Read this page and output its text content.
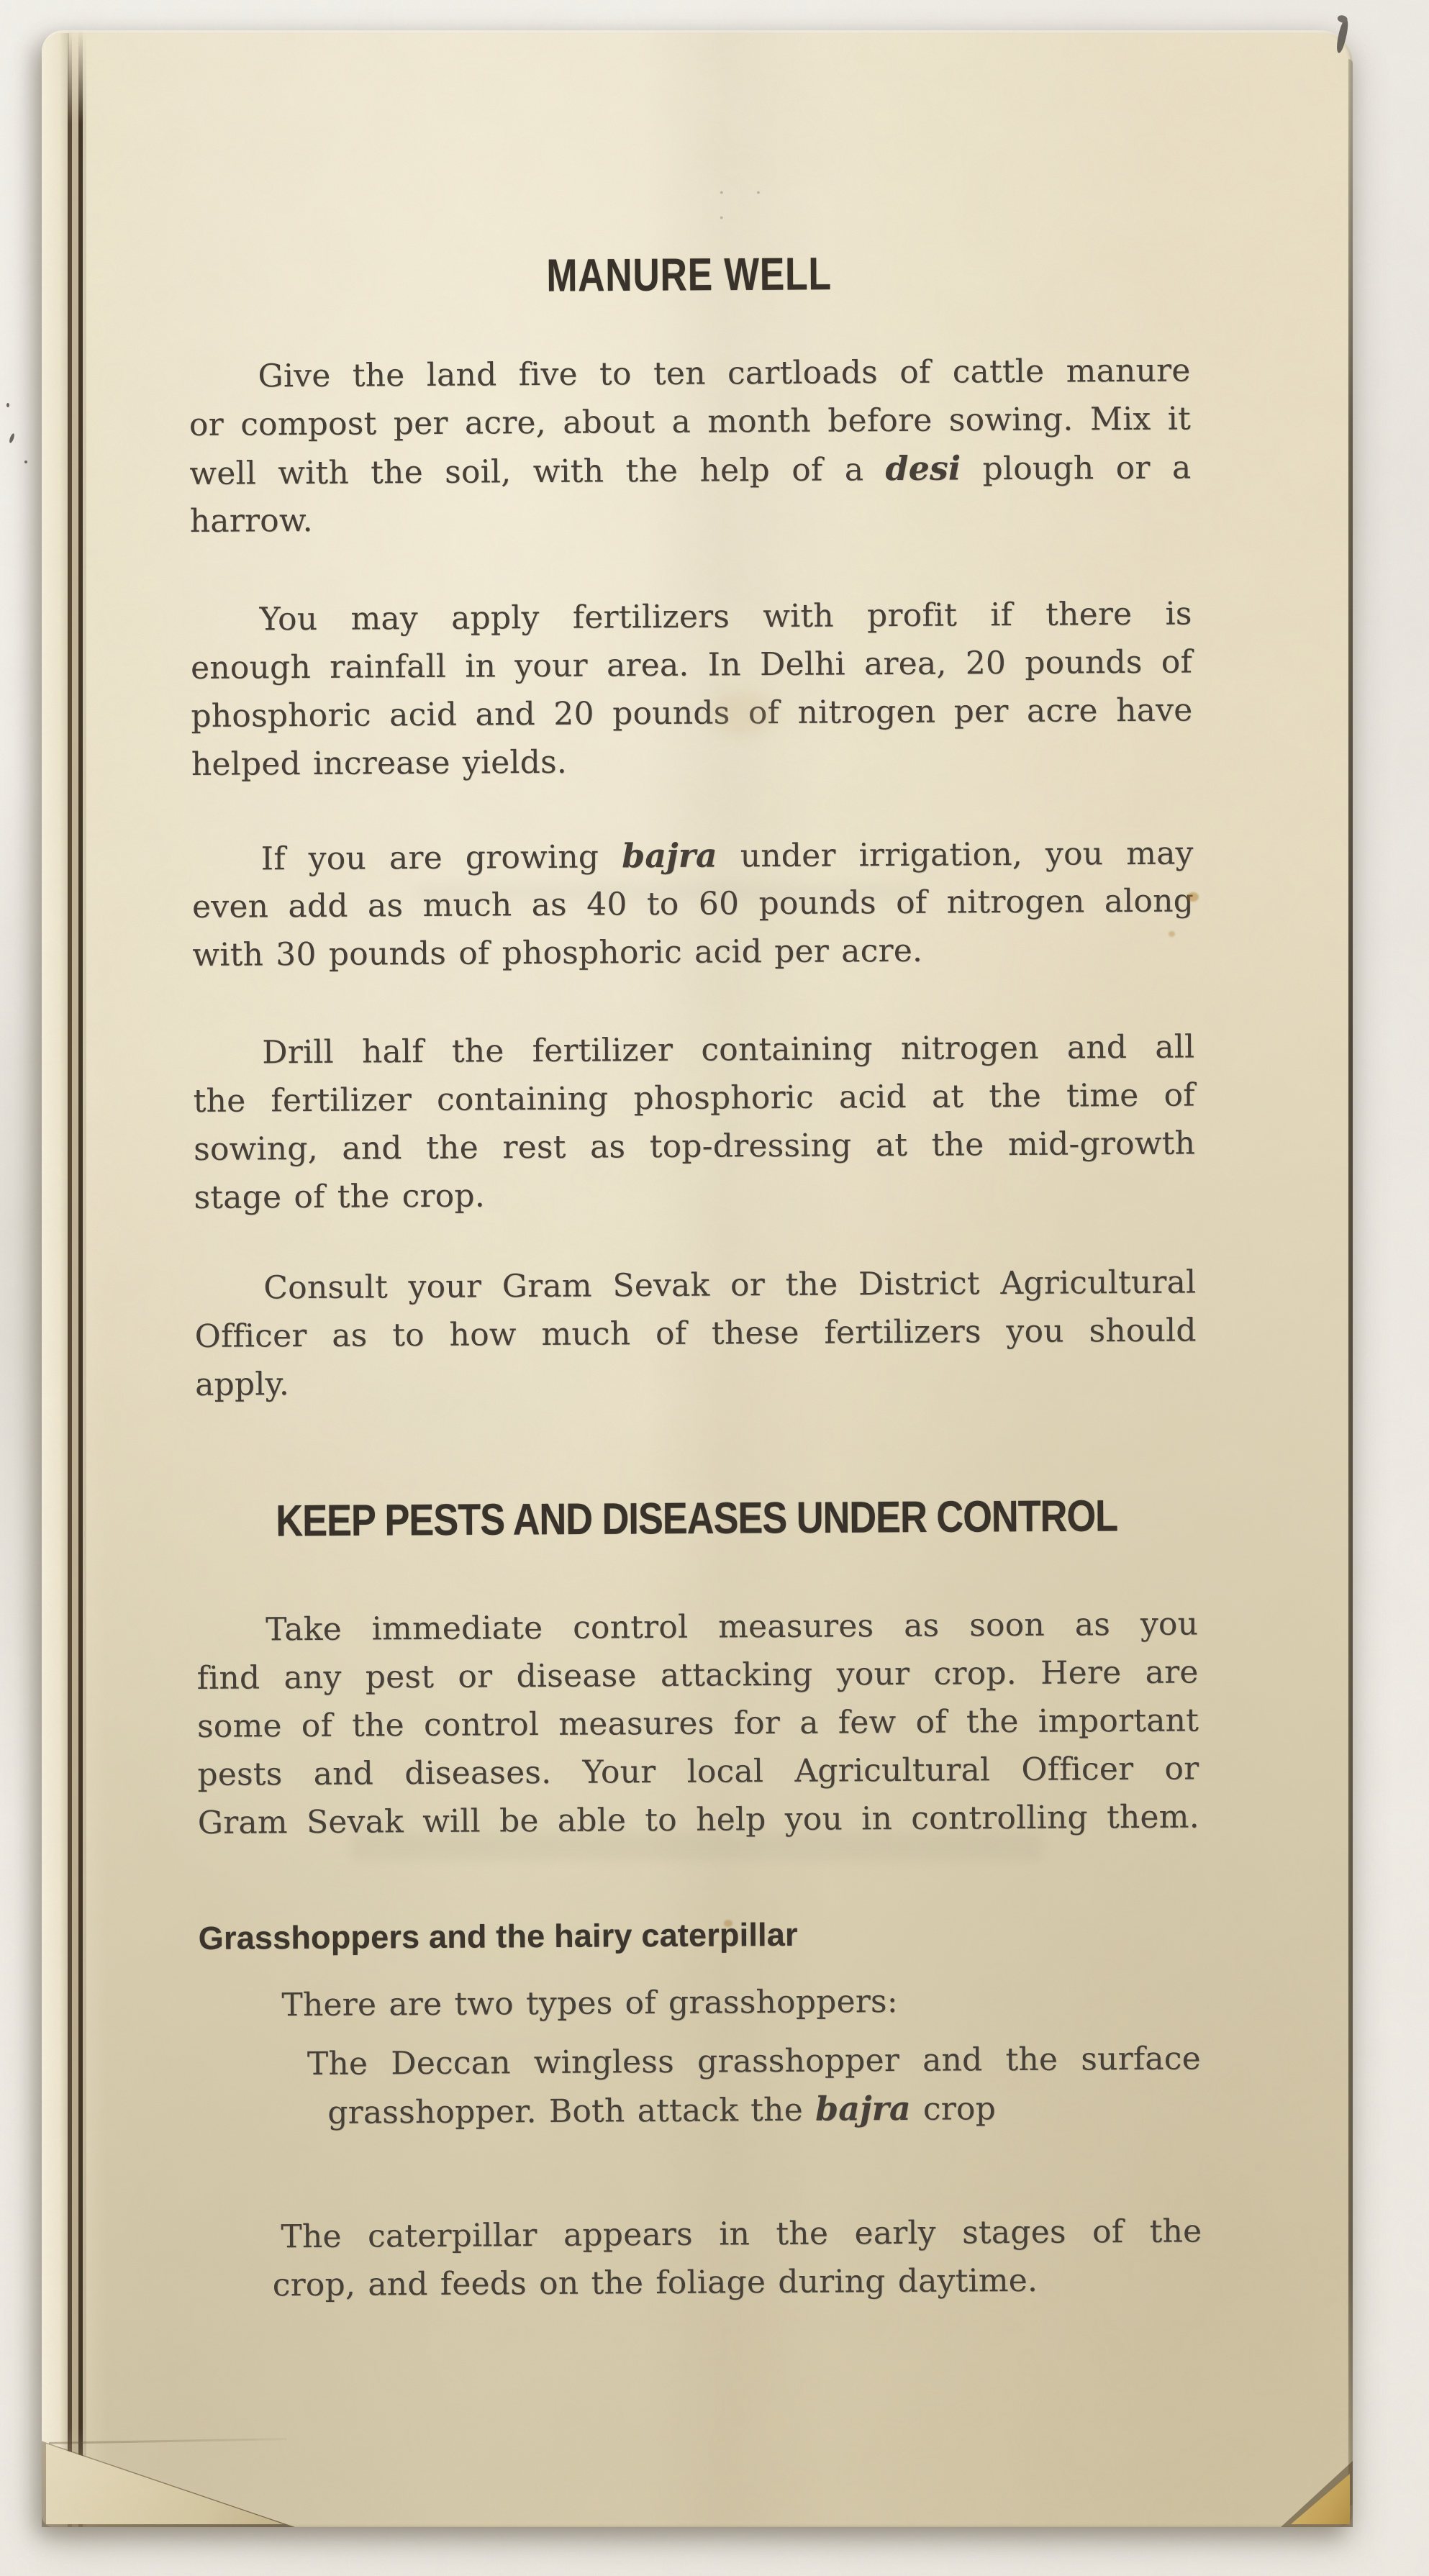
MANURE WELL
Give the land five to ten cartloads of cattle manure
or compost per acre, about a month before sowing. Mix it
well with the soil, with the help of a desi plough or a
harrow.
You may apply fertilizers with profit if there is
enough rainfall in your area. In Delhi area, 20 pounds of
phosphoric acid and 20 pounds of nitrogen per acre have
helped increase yields.
If you are growing bajra under irrigation, you may
even add as much as 40 to 60 pounds of nitrogen along
with 30 pounds of phosphoric acid per acre.
Drill half the fertilizer containing nitrogen and all
the fertilizer containing phosphoric acid at the time of
sowing, and the rest as top-dressing at the mid-growth
stage of the crop.
Consult your Gram Sevak or the District Agricultural
Officer as to how much of these fertilizers you should
apply.
KEEP PESTS AND DISEASES UNDER CONTROL
Take immediate control measures as soon as you
find any pest or disease attacking your crop. Here are
some of the control measures for a few of the important
pests and diseases. Your local Agricultural Officer or
Gram Sevak will be able to help you in controlling them.
Grasshoppers and the hairy caterpillar
There are two types of grasshoppers:
The Deccan wingless grasshopper and the surface
grasshopper. Both attack the bajra crop
The caterpillar appears in the early stages of the
crop, and feeds on the foliage during daytime.
. . .
